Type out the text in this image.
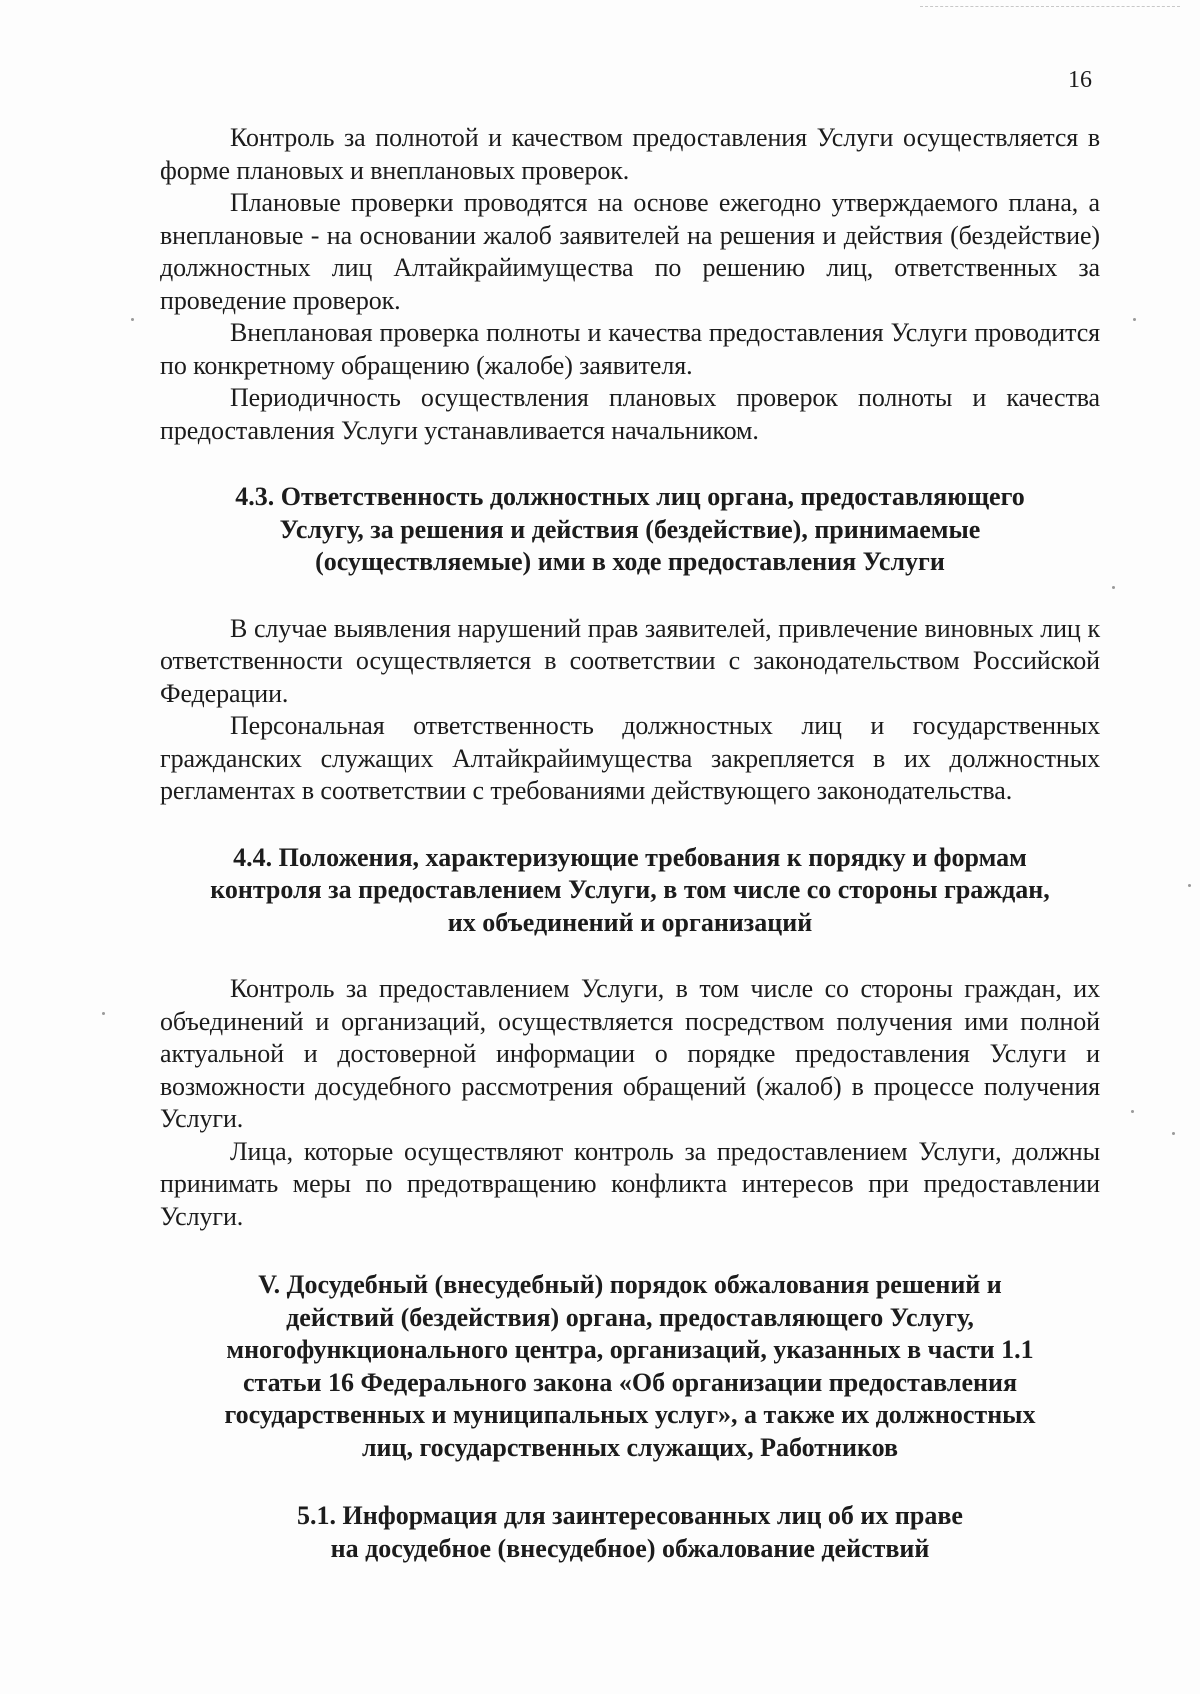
16

Контроль за полнотой и качеством предоставления Услуги осуществляется в форме плановых и внеплановых проверок.

Плановые проверки проводятся на основе ежегодно утверждаемого плана, а внеплановые - на основании жалоб заявителей на решения и действия (бездействие) должностных лиц Алтайкрайимущества по решению лиц, ответственных за проведение проверок.

Внеплановая проверка полноты и качества предоставления Услуги проводится по конкретному обращению (жалобе) заявителя.

Периодичность осуществления плановых проверок полноты и качества предоставления Услуги устанавливается начальником.

4.3. Ответственность должностных лиц органа, предоставляющего
Услугу, за решения и действия (бездействие), принимаемые
(осуществляемые) ими в ходе предоставления Услуги

В случае выявления нарушений прав заявителей, привлечение виновных лиц к ответственности осуществляется в соответствии с законодательством Российской Федерации.

Персональная ответственность должностных лиц и государственных гражданских служащих Алтайкрайимущества закрепляется в их должностных регламентах в соответствии с требованиями действующего законодательства.

4.4. Положения, характеризующие требования к порядку и формам
контроля за предоставлением Услуги, в том числе со стороны граждан,
их объединений и организаций

Контроль за предоставлением Услуги, в том числе со стороны граждан, их объединений и организаций, осуществляется посредством получения ими полной актуальной и достоверной информации о порядке предоставления Услуги и возможности досудебного рассмотрения обращений (жалоб) в процессе получения Услуги.

Лица, которые осуществляют контроль за предоставлением Услуги, должны принимать меры по предотвращению конфликта интересов при предоставлении Услуги.

V. Досудебный (внесудебный) порядок обжалования решений и
действий (бездействия) органа, предоставляющего Услугу,
многофункционального центра, организаций, указанных в части 1.1
статьи 16 Федерального закона «Об организации предоставления
государственных и муниципальных услуг», а также их должностных
лиц, государственных служащих, Работников
5.1. Информация для заинтересованных лиц об их праве
на досудебное (внесудебное) обжалование действий
